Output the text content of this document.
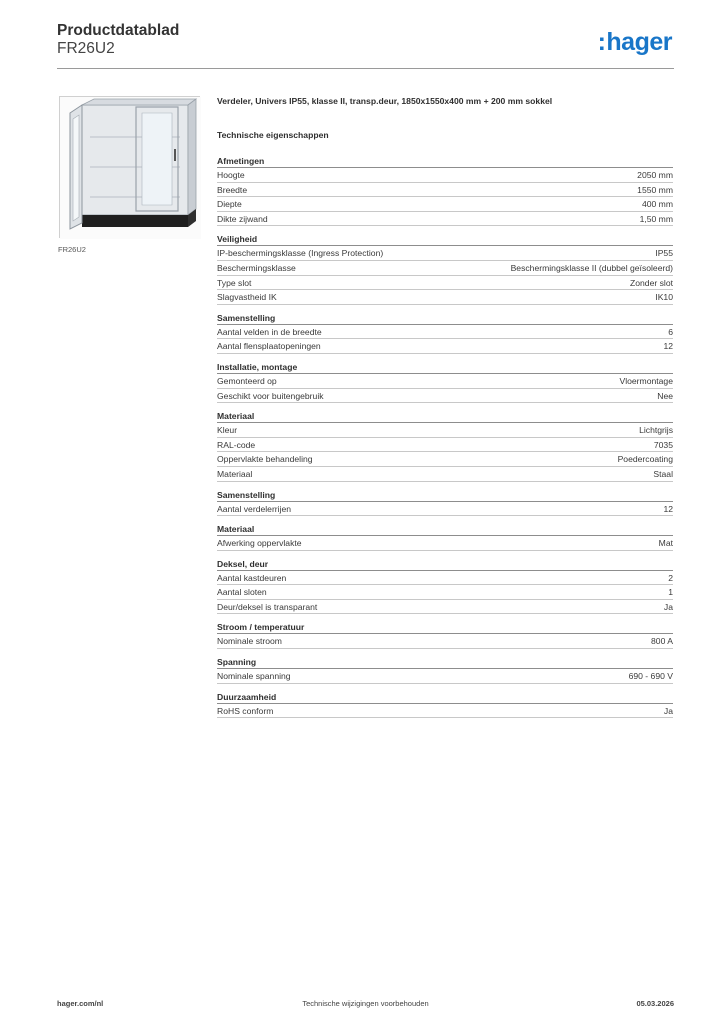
Productdatablad
FR26U2	:hager
FR26U2
Verdeler, Univers IP55, klasse II, transp.deur, 1850x1550x400 mm + 200 mm sokkel
Technische eigenschappen
Afmetingen
Hoogte	2050 mm
Breedte	1550 mm
Diepte	400 mm
Dikte zijwand	1,50 mm
Veiligheid
IP-beschermingsklasse (Ingress Protection)	IP55
Beschermingsklasse	Beschermingsklasse II (dubbel geïsoleerd)
Type slot	Zonder slot
Slagvastheid IK	IK10
Samenstelling
Aantal velden in de breedte	6
Aantal flensplaatopeningen	12
Installatie, montage
Gemonteerd op	Vloermontage
Geschikt voor buitengebruik	Nee
Materiaal
Kleur	Lichtgrijs
RAL-code	7035
Oppervlakte behandeling	Poedercoating
Materiaal	Staal
Samenstelling
Aantal verdelerrijen	12
Materiaal
Afwerking oppervlakte	Mat
Deksel, deur
Aantal kastdeuren	2
Aantal sloten	1
Deur/deksel is transparant	Ja
Stroom / temperatuur
Nominale stroom	800 A
Spanning
Nominale spanning	690 - 690 V
Duurzaamheid
RoHS conform	Ja
Technische wijzigingen voorbehouden
hager.com/nl	05.03.2026
